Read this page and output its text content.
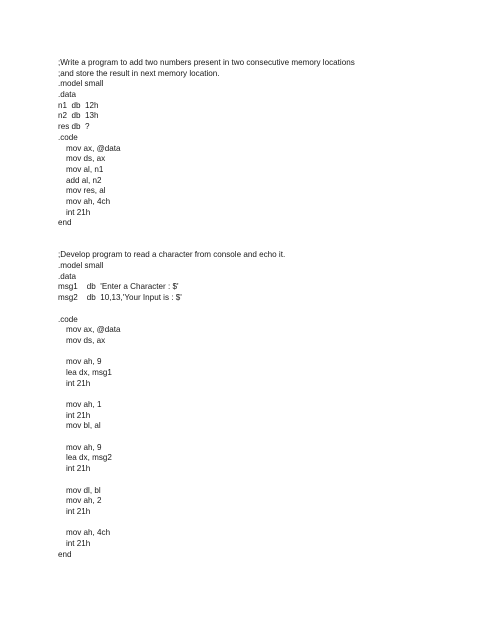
;Write a program to add two numbers present in two consecutive memory locations
;and store the result in next memory location.
.model small
.data
n1  db  12h
n2  db  13h
res db  ?
.code
mov ax, @data
mov ds, ax
mov al, n1
add al, n2
mov res, al
mov ah, 4ch
int 21h
end
;Develop program to read a character from console and echo it.
.model small
.data
msg1    db  'Enter a Character : $'
msg2    db  10,13,'Your Input is : $'
.code
mov ax, @data
mov ds, ax
mov ah, 9
lea dx, msg1
int 21h
mov ah, 1
int 21h
mov bl, al
mov ah, 9
lea dx, msg2
int 21h
mov dl, bl
mov ah, 2
int 21h
mov ah, 4ch
int 21h
end
